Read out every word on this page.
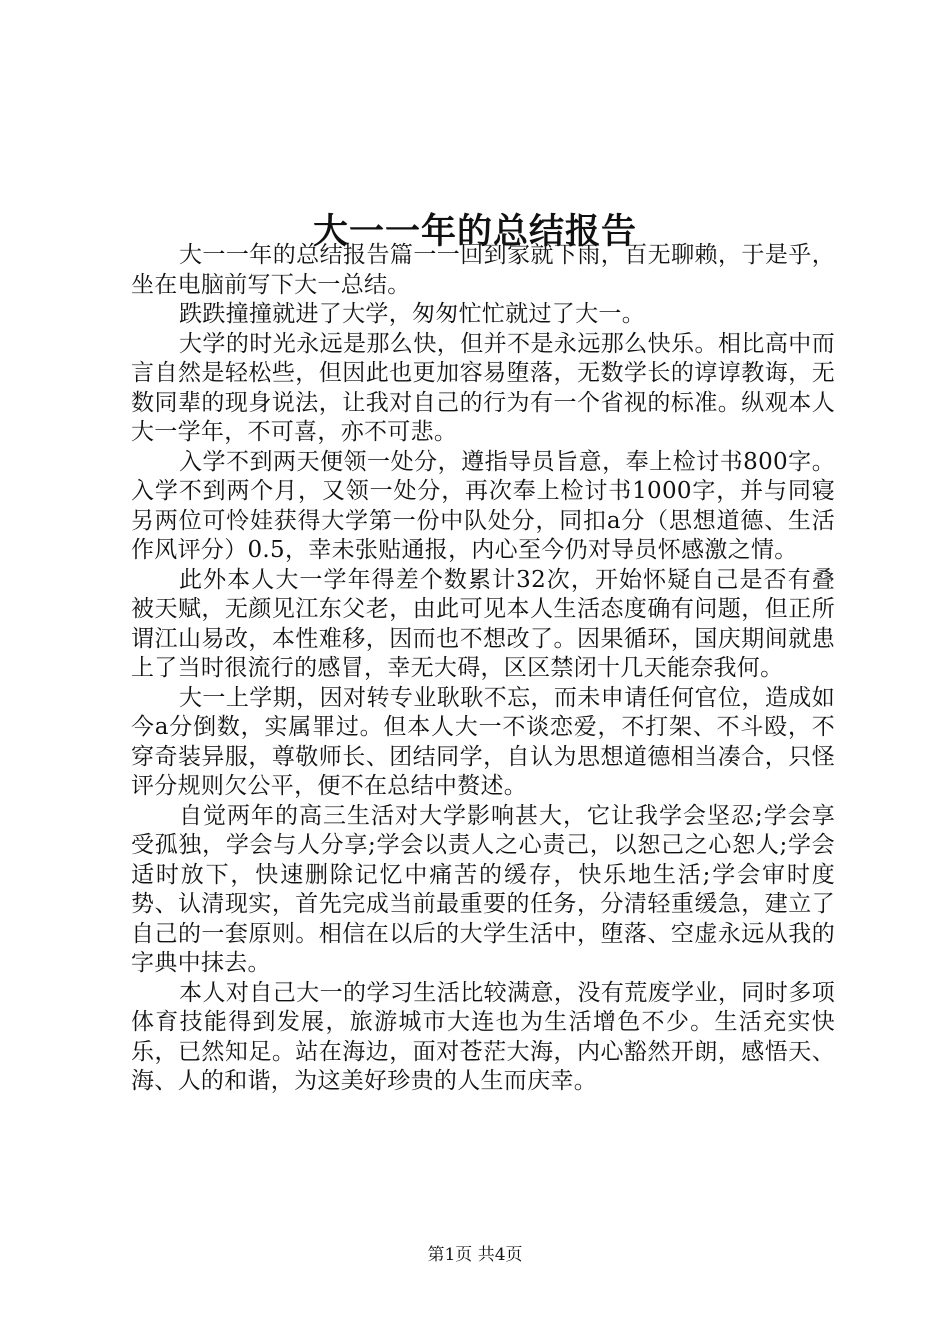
大一一年的总结报告

大一一年的总结报告篇一一回到家就下雨，百无聊赖，于是乎，坐在电脑前写下大一总结。

跌跌撞撞就进了大学，匆匆忙忙就过了大一。

大学的时光永远是那么快，但并不是永远那么快乐。相比高中而言自然是轻松些，但因此也更加容易堕落，无数学长的谆谆教诲，无数同辈的现身说法，让我对自己的行为有一个省视的标准。纵观本人大一学年，不可喜，亦不可悲。

入学不到两天便领一处分，遵指导员旨意，奉上检讨书800字。入学不到两个月，又领一处分，再次奉上检讨书1000字，并与同寝另两位可怜娃获得大学第一份中队处分，同扣a分（思想道德、生活作风评分）0.5，幸未张贴通报，内心至今仍对导员怀感激之情。

此外本人大一学年得差个数累计32次，开始怀疑自己是否有叠被天赋，无颜见江东父老，由此可见本人生活态度确有问题，但正所谓江山易改，本性难移，因而也不想改了。因果循环，国庆期间就患上了当时很流行的感冒，幸无大碍，区区禁闭十几天能奈我何。

大一上学期，因对转专业耿耿不忘，而未申请任何官位，造成如今a分倒数，实属罪过。但本人大一不谈恋爱，不打架、不斗殴，不穿奇装异服，尊敬师长、团结同学，自认为思想道德相当凑合，只怪评分规则欠公平，便不在总结中赘述。

自觉两年的高三生活对大学影响甚大，它让我学会坚忍;学会享受孤独，学会与人分享;学会以责人之心责己，以恕己之心恕人;学会适时放下，快速删除记忆中痛苦的缓存，快乐地生活;学会审时度势、认清现实，首先完成当前最重要的任务，分清轻重缓急，建立了自己的一套原则。相信在以后的大学生活中，堕落、空虚永远从我的字典中抹去。

本人对自己大一的学习生活比较满意，没有荒废学业，同时多项体育技能得到发展，旅游城市大连也为生活增色不少。生活充实快乐，已然知足。站在海边，面对苍茫大海，内心豁然开朗，感悟天、海、人的和谐，为这美好珍贵的人生而庆幸。

第1页 共4页
